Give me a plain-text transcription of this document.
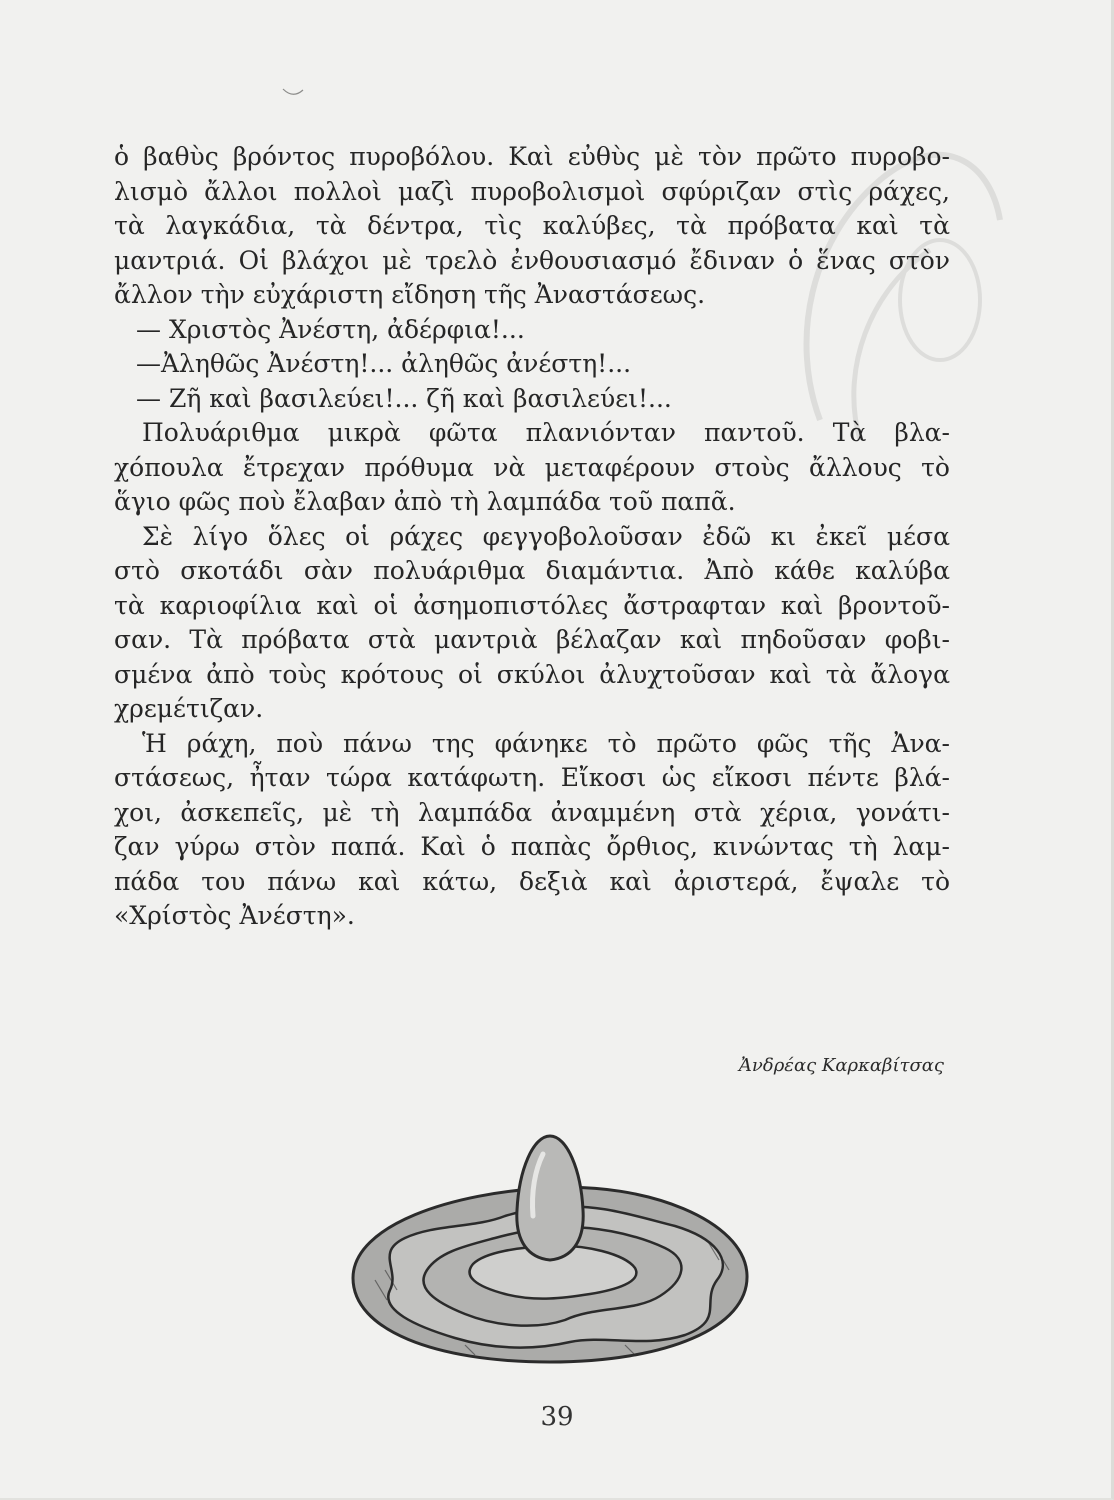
ὁ βαθὺς βρόντος πυροβόλου. Καὶ εὐθὺς μὲ τὸν πρῶτο πυροβο-
λισμὸ ἄλλοι πολλοὶ μαζὶ πυροβολισμοὶ σφύριζαν στὶς ράχες,
τὰ λαγκάδια, τὰ δέντρα, τὶς καλύβες, τὰ πρόβατα καὶ τὰ
μαντριά. Οἱ βλάχοι μὲ τρελὸ ἐνθουσιασμό ἔδιναν ὁ ἕνας στὸν
ἄλλον τὴν εὐχάριστη εἴδηση τῆς Ἀναστάσεως.
— Χριστὸς Ἀνέστη, ἀδέρφια!...
—Ἀληθῶς Ἀνέστη!... ἀληθῶς ἀνέστη!...
— Ζῆ καὶ βασιλεύει!... ζῆ καὶ βασιλεύει!...
Πολυάριθμα μικρὰ φῶτα πλανιόνταν παντοῦ. Τὰ βλα-
χόπουλα ἔτρεχαν πρόθυμα νὰ μεταφέρουν στοὺς ἄλλους τὸ
ἅγιο φῶς ποὺ ἔλαβαν ἀπὸ τὴ λαμπάδα τοῦ παπᾶ.
Σὲ λίγο ὅλες οἱ ράχες φεγγοβολοῦσαν ἐδῶ κι ἐκεῖ μέσα
στὸ σκοτάδι σὰν πολυάριθμα διαμάντια. Ἀπὸ κάθε καλύβα
τὰ καριοφίλια καὶ οἱ ἀσημοπιστόλες ἄστραφταν καὶ βροντοῦ-
σαν. Τὰ πρόβατα στὰ μαντριὰ βέλαζαν καὶ πηδοῦσαν φοβι-
σμένα ἀπὸ τοὺς κρότους οἱ σκύλοι ἀλυχτοῦσαν καὶ τὰ ἄλογα
χρεμέτιζαν.
Ἡ ράχη, ποὺ πάνω της φάνηκε τὸ πρῶτο φῶς τῆς Ἀνα-
στάσεως, ἦταν τώρα κατάφωτη. Εἴκοσι ὡς εἴκοσι πέντε βλά-
χοι, ἀσκεπεῖς, μὲ τὴ λαμπάδα ἀναμμένη στὰ χέρια, γονάτι-
ζαν γύρω στὸν παπά. Καὶ ὁ παπὰς ὄρθιος, κινώντας τὴ λαμ-
πάδα του πάνω καὶ κάτω, δεξιὰ καὶ ἀριστερά, ἔψαλε τὸ
«Χρίστὸς Ἀνέστη».
Ἀνδρέας Καρκαβίτσας
39
